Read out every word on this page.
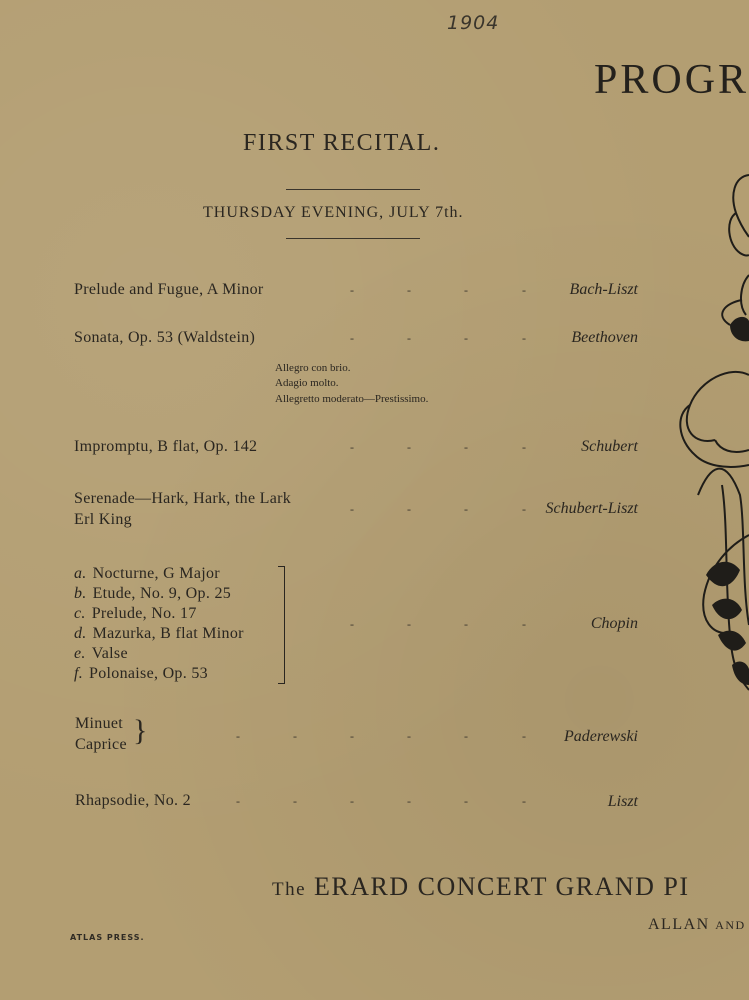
1904
PROGR
FIRST RECITAL.
THURSDAY EVENING, JULY 7th.
Prelude and Fugue, A Minor	-	-	-	-	Bach-Liszt
Sonata, Op. 53 (Waldstein)	-	-	-	-	Beethoven
Allegro con brio.
Adagio molto.
Allegretto moderato—Prestissimo.
Impromptu, B flat, Op. 142	-	-	-	-	Schubert
Serenade—Hark, Hark, the Lark
Erl King
-	-	-	- Schubert-Liszt
a. Nocturne, G Major
b. Etude, No. 9, Op. 25
c. Prelude, No. 17
d. Mazurka, B flat Minor
e. Valse
f. Polonaise, Op. 53
-	-	-	-	Chopin
Minuet
Caprice }	-	-	-	-	-	- Paderewski
Rhapsodie, No. 2	-	-	-	-	-	-	Liszt
The ERARD CONCERT GRAND PI
ALLAN AND
ATLAS PRESS.
